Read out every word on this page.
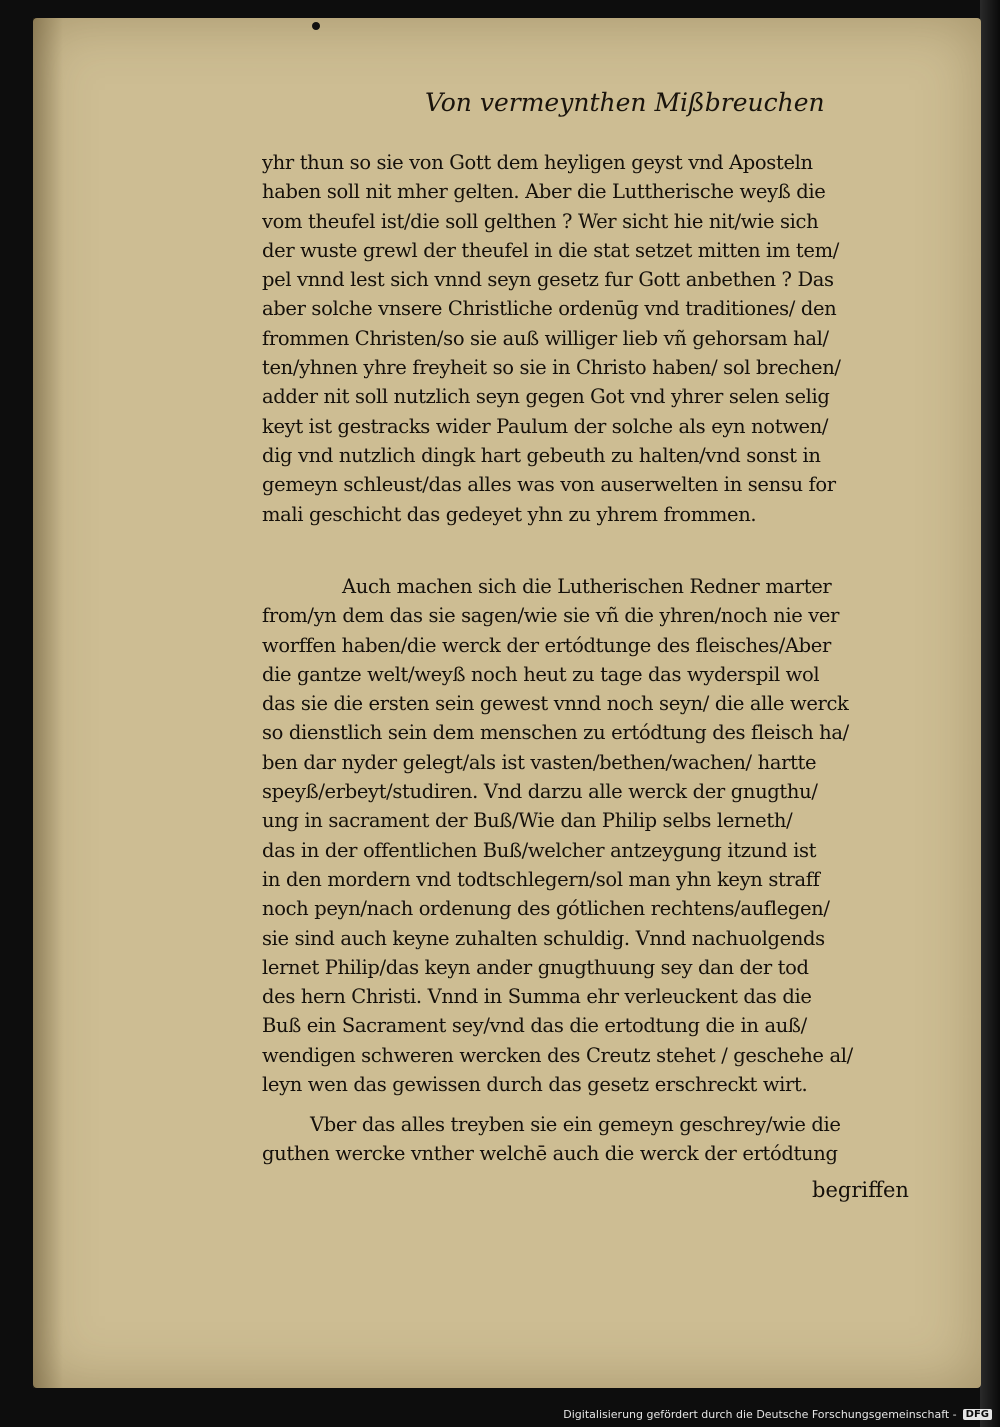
Von vermeynthen Mißbreuchen
yhr thun so sie von Gott dem heyligen geyst vnd Aposteln
haben soll nit mher gelten. Aber die Luttherische weyß die
vom theufel ist/die soll gelthen ? Wer sicht hie nit/wie sich
der wuste grewl der theufel in die stat setzet mitten im tem/
pel vnnd lest sich vnnd seyn gesetz fur Gott anbethen ? Das
aber solche vnsere Christliche ordenūg vnd traditiones/ den
frommen Christen/so sie auß williger lieb vñ gehorsam hal/
ten/yhnen yhre freyheit so sie in Christo haben/ sol brechen/
adder nit soll nutzlich seyn gegen Got vnd yhrer selen selig
keyt ist gestracks wider Paulum der solche als eyn notwen/
dig vnd nutzlich dingk hart gebeuth zu halten/vnd sonst in
gemeyn schleust/das alles was von auserwelten in sensu for
mali geschicht das gedeyet yhn zu yhrem frommen.
Auch machen sich die Lutherischen Redner marter
from/yn dem das sie sagen/wie sie vñ die yhren/noch nie ver
worffen haben/die werck der ertódtunge des fleisches/Aber
die gantze welt/weyß noch heut zu tage das wyderspil wol
das sie die ersten sein gewest vnnd noch seyn/ die alle werck
so dienstlich sein dem menschen zu ertódtung des fleisch ha/
ben dar nyder gelegt/als ist vasten/bethen/wachen/ hartte
speyß/erbeyt/studiren. Vnd darzu alle werck der gnugthu/
ung in sacrament der Buß/Wie dan Philip selbs lerneth/
das in der offentlichen Buß/welcher antzeygung itzund ist
in den mordern vnd todtschlegern/sol man yhn keyn straff
noch peyn/nach ordenung des gótlichen rechtens/auflegen/
sie sind auch keyne zuhalten schuldig. Vnnd nachuolgends
lernet Philip/das keyn ander gnugthuung sey dan der tod
des hern Christi. Vnnd in Summa ehr verleuckent das die
Buß ein Sacrament sey/vnd das die ertodtung die in auß/
wendigen schweren wercken des Creutz stehet / geschehe al/
leyn wen das gewissen durch das gesetz erschreckt wirt.
Vber das alles treyben sie ein gemeyn geschrey/wie die
guthen wercke vnther welchē auch die werck der ertódtung
begriffen
Digitalisierung gefördert durch die Deutsche Forschungsgemeinschaft - DFG
